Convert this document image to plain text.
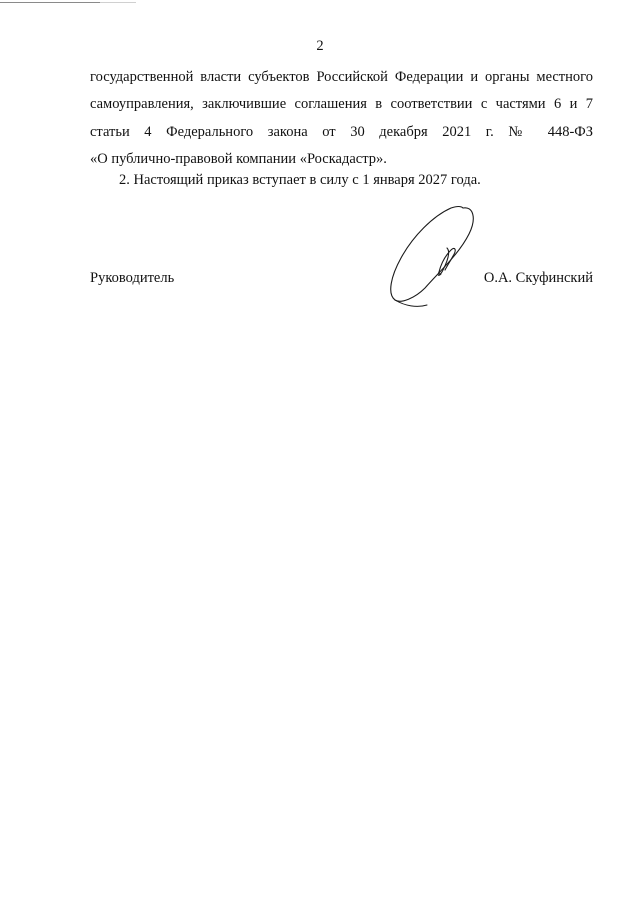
2
государственной власти субъектов Российской Федерации и органы местного
самоуправления, заключившие соглашения в соответствии с частями 6 и 7
статьи 4 Федерального закона от 30 декабря 2021 г. № 448-ФЗ
«О публично-правовой компании «Роскадастр».
2. Настоящий приказ вступает в силу с 1 января 2027 года.
Руководитель	О.А. Скуфинский
